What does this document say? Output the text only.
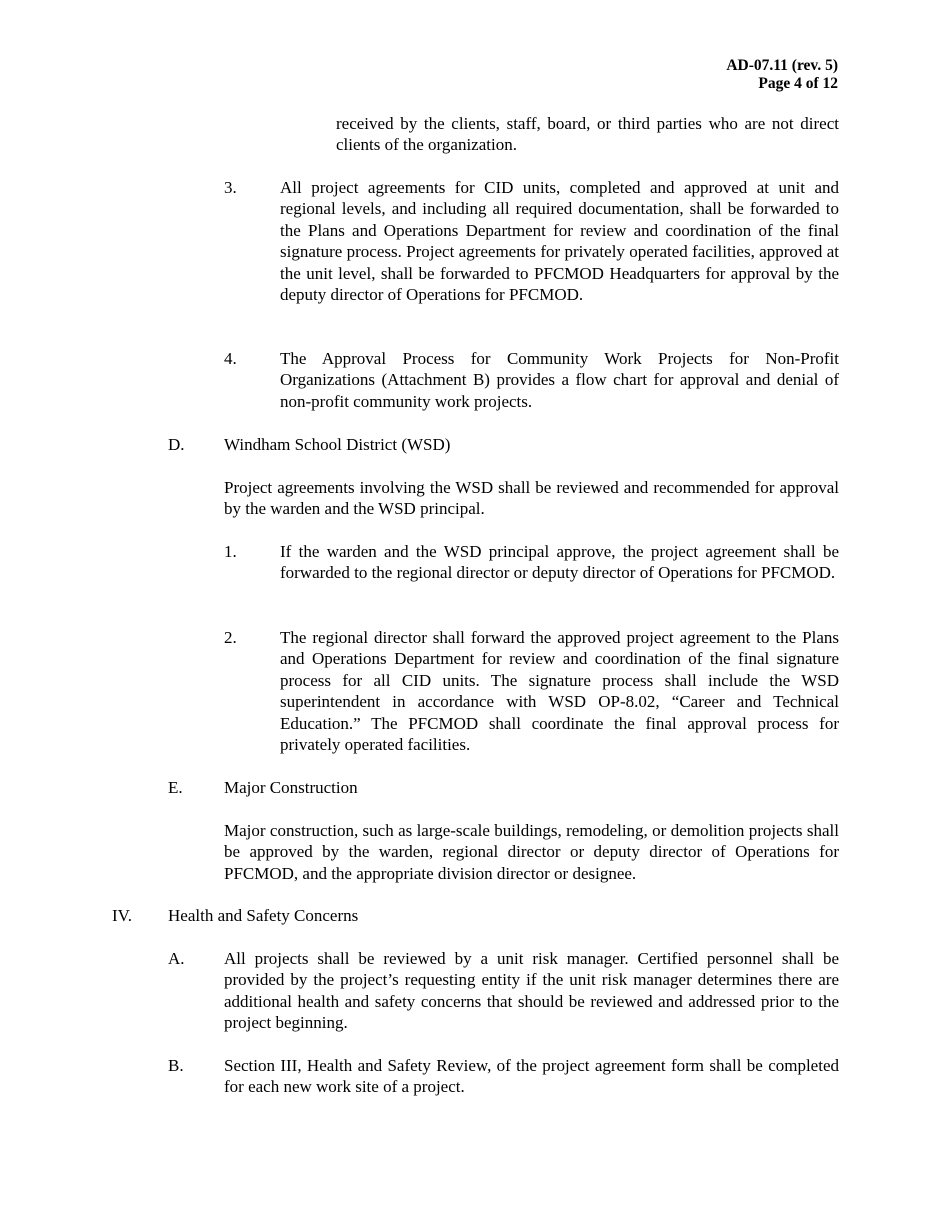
AD-07.11 (rev. 5)
Page 4 of 12
received by the clients, staff, board, or third parties who are not direct clients of the organization.
3.	All project agreements for CID units, completed and approved at unit and regional levels, and including all required documentation, shall be forwarded to the Plans and Operations Department for review and coordination of the final signature process. Project agreements for privately operated facilities, approved at the unit level, shall be forwarded to PFCMOD Headquarters for approval by the deputy director of Operations for PFCMOD.
4.	The Approval Process for Community Work Projects for Non-Profit Organizations (Attachment B) provides a flow chart for approval and denial of non-profit community work projects.
D. Windham School District (WSD)
Project agreements involving the WSD shall be reviewed and recommended for approval by the warden and the WSD principal.
1.	If the warden and the WSD principal approve, the project agreement shall be forwarded to the regional director or deputy director of Operations for PFCMOD.
2.	The regional director shall forward the approved project agreement to the Plans and Operations Department for review and coordination of the final signature process for all CID units. The signature process shall include the WSD superintendent in accordance with WSD OP-8.02, “Career and Technical Education.” The PFCMOD shall coordinate the final approval process for privately operated facilities.
E. Major Construction
Major construction, such as large-scale buildings, remodeling, or demolition projects shall be approved by the warden, regional director or deputy director of Operations for PFCMOD, and the appropriate division director or designee.
IV. Health and Safety Concerns
A. All projects shall be reviewed by a unit risk manager. Certified personnel shall be provided by the project’s requesting entity if the unit risk manager determines there are additional health and safety concerns that should be reviewed and addressed prior to the project beginning.
B. Section III, Health and Safety Review, of the project agreement form shall be completed for each new work site of a project.
